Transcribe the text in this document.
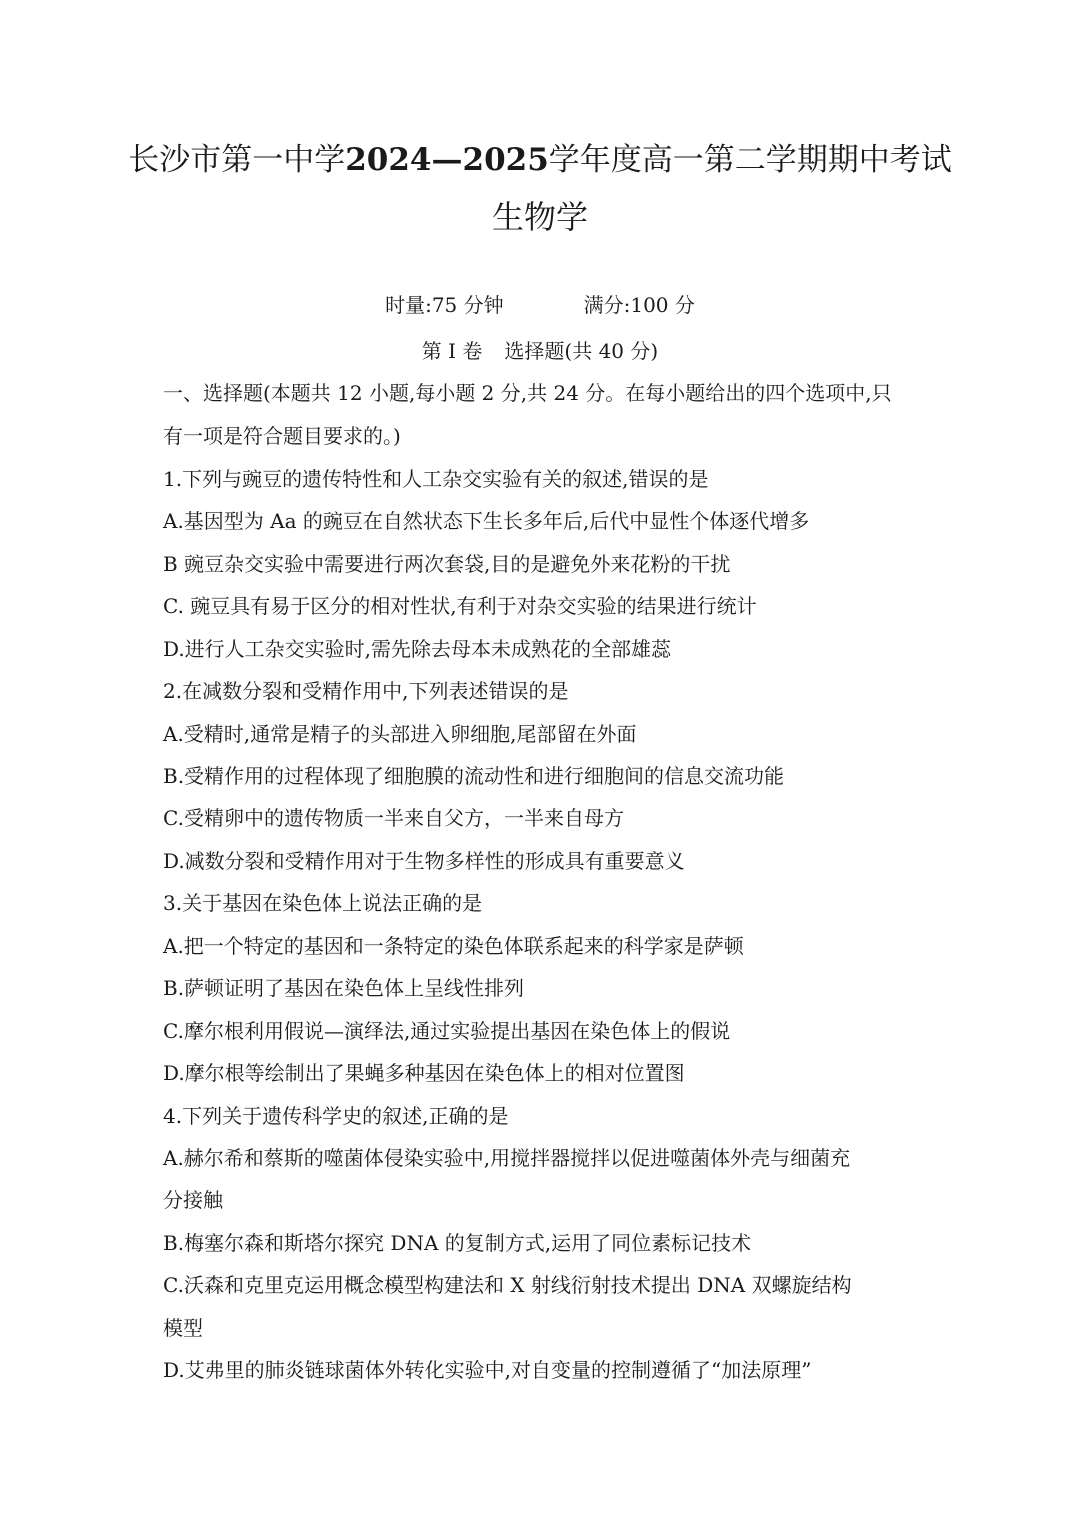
长沙市第一中学2024—2025学年度高一第二学期期中考试
生物学
时量:75 分钟	满分:100 分
第 I 卷 选择题(共 40 分)
一、选择题(本题共 12 小题,每小题 2 分,共 24 分。在每小题给出的四个选项中,只
有一项是符合题目要求的。)
1.下列与豌豆的遗传特性和人工杂交实验有关的叙述,错误的是
A.基因型为 Aa 的豌豆在自然状态下生长多年后,后代中显性个体逐代增多
B 豌豆杂交实验中需要进行两次套袋,目的是避免外来花粉的干扰
C. 豌豆具有易于区分的相对性状,有利于对杂交实验的结果进行统计
D.进行人工杂交实验时,需先除去母本未成熟花的全部雄蕊
2.在减数分裂和受精作用中,下列表述错误的是
A.受精时,通常是精子的头部进入卵细胞,尾部留在外面
B.受精作用的过程体现了细胞膜的流动性和进行细胞间的信息交流功能
C.受精卵中的遗传物质一半来自父方，一半来自母方
D.减数分裂和受精作用对于生物多样性的形成具有重要意义
3.关于基因在染色体上说法正确的是
A.把一个特定的基因和一条特定的染色体联系起来的科学家是萨顿
B.萨顿证明了基因在染色体上呈线性排列
C.摩尔根利用假说—演绎法,通过实验提出基因在染色体上的假说
D.摩尔根等绘制出了果蝇多种基因在染色体上的相对位置图
4.下列关于遗传科学史的叙述,正确的是
A.赫尔希和蔡斯的噬菌体侵染实验中,用搅拌器搅拌以促进噬菌体外壳与细菌充
分接触
B.梅塞尔森和斯塔尔探究 DNA 的复制方式,运用了同位素标记技术
C.沃森和克里克运用概念模型构建法和 X 射线衍射技术提出 DNA 双螺旋结构
模型
D.艾弗里的肺炎链球菌体外转化实验中,对自变量的控制遵循了“加法原理”
